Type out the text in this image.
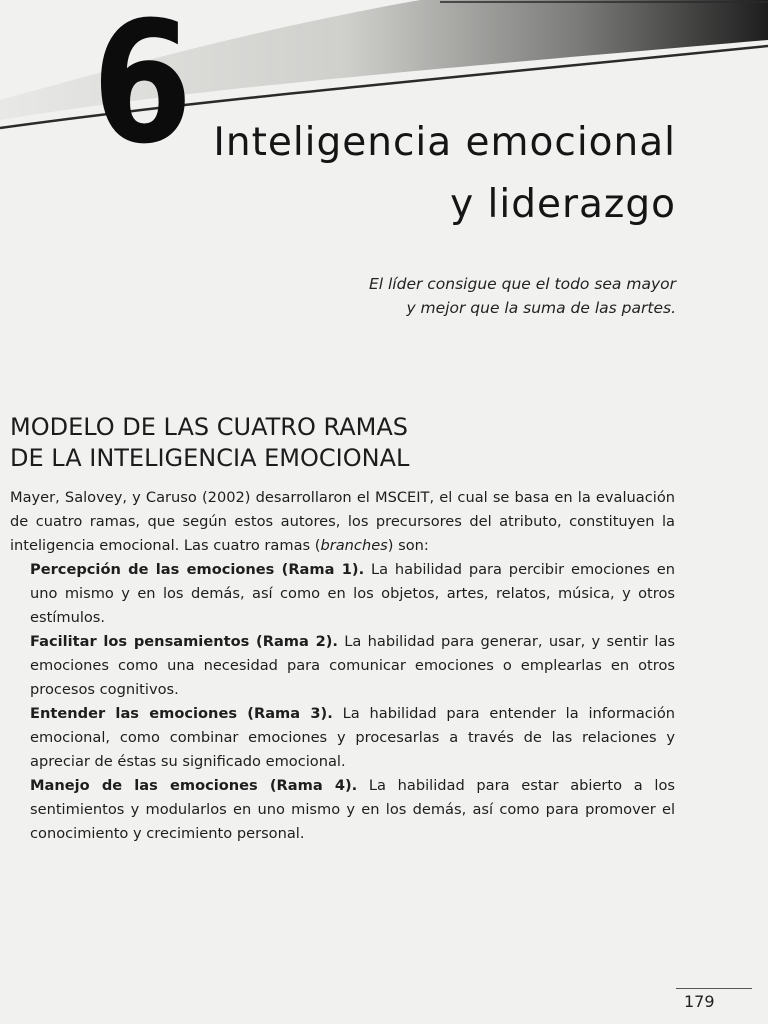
6 Inteligencia emocional
y liderazgo
El líder consigue que el todo sea mayor
y mejor que la suma de las partes.
MODELO DE LAS CUATRO RAMAS
DE LA INTELIGENCIA EMOCIONAL

Mayer, Salovey, y Caruso (2002) desarrollaron el MSCEIT, el cual se basa en la evaluación de cuatro ramas, que según estos autores, los precursores del atributo, constituyen la inteligencia emocional. Las cuatro ramas (branches) son:

Percepción de las emociones (Rama 1). La habilidad para percibir emociones en uno mismo y en los demás, así como en los objetos, artes, relatos, música, y otros estímulos.

Facilitar los pensamientos (Rama 2). La habilidad para generar, usar, y sentir las emociones como una necesidad para comunicar emociones o emplearlas en otros procesos cognitivos.

Entender las emociones (Rama 3). La habilidad para entender la información emocional, como combinar emociones y procesarlas a través de las relaciones y apreciar de éstas su significado emocional.

Manejo de las emociones (Rama 4). La habilidad para estar abierto a los sentimientos y modularlos en uno mismo y en los demás, así como para promover el conocimiento y crecimiento personal.

179
